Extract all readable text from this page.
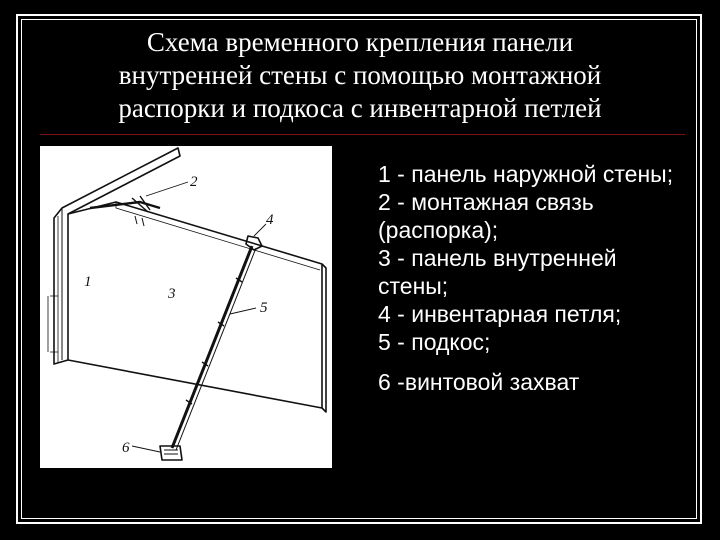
Схема временного крепления панели
внутренней стены с помощью монтажной
распорки и подкоса с инвентарной петлей
1
2
3
4
5
6

1 - панель наружной стены;

2 - монтажная связь (распорка);

3 - панель внутренней стены;

4 - инвентарная петля;

5 - подкос;

6 -винтовой захват
